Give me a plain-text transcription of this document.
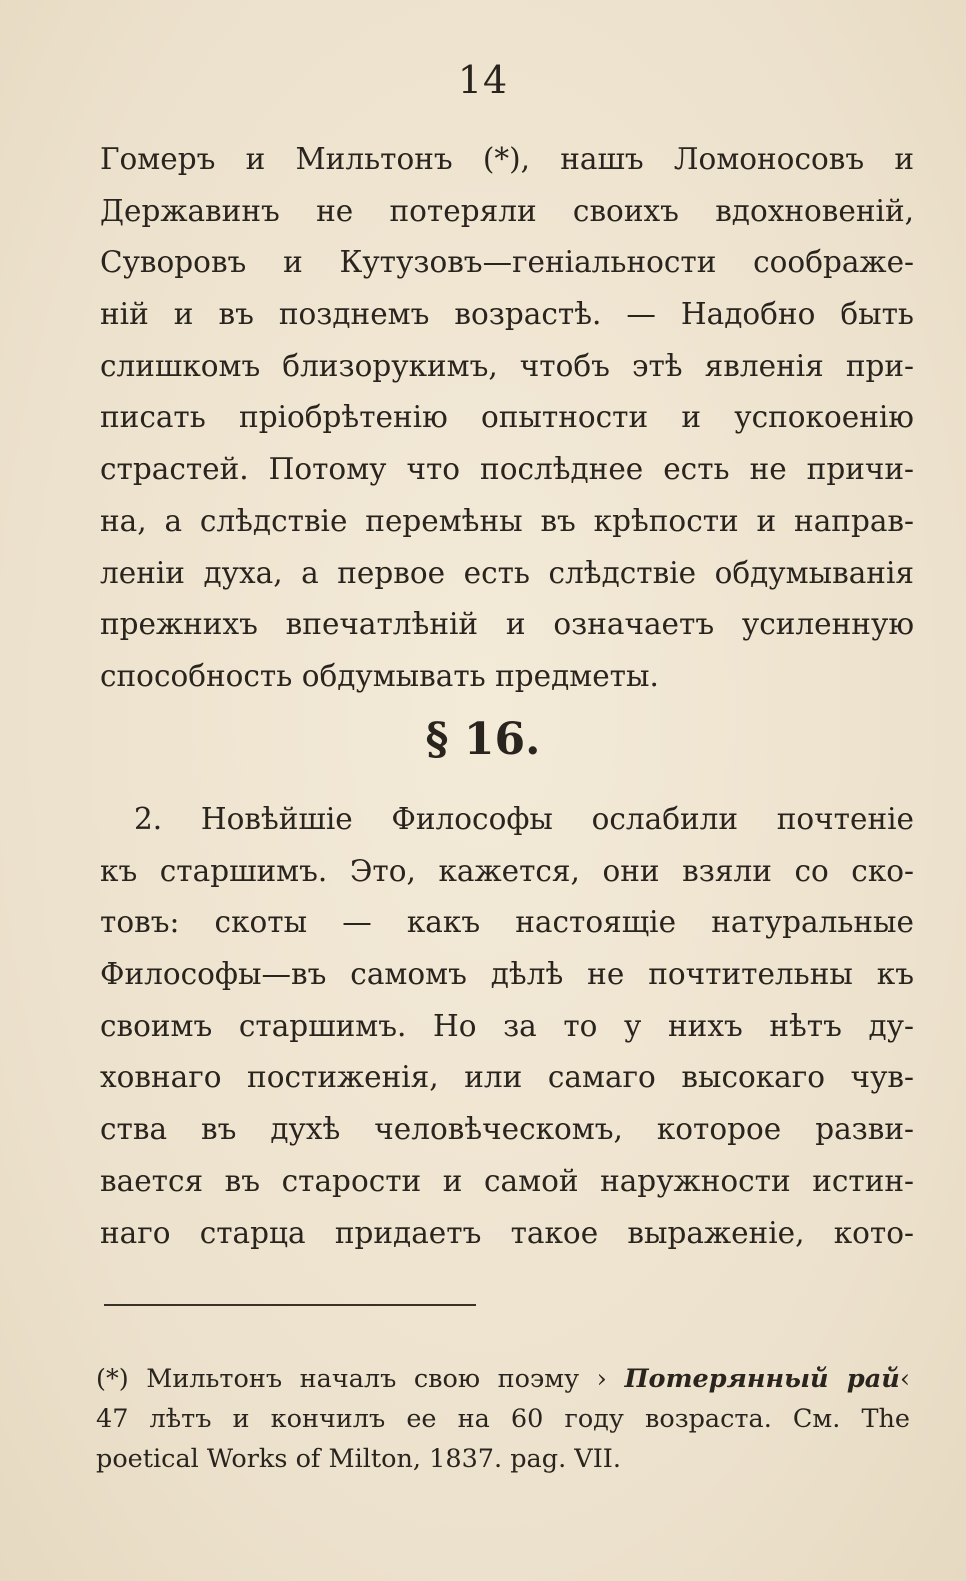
14
Гомеръ и Мильтонъ (*), нашъ Ломоносовъ и
Державинъ не потеряли своихъ вдохновеній,
Суворовъ и Кутузовъ—геніальности соображе-
ній и въ позднемъ возрастѣ. — Надобно быть
слишкомъ близорукимъ, чтобъ этѣ явленія при-
писать пріобрѣтенію опытности и успокоенію
страстей. Потому что послѣднее есть не причи-
на, а слѣдствіе перемѣны въ крѣпости и направ-
леніи духа, а первое есть слѣдствіе обдумыванія
прежнихъ впечатлѣній и означаетъ усиленную
способность обдумывать предметы.
§ 16.
2. Новѣйшіе Философы ослабили почтеніе
къ старшимъ. Это, кажется, они взяли со ско-
товъ: скоты — какъ настоящіе натуральные
Философы—въ самомъ дѣлѣ не почтительны къ
своимъ старшимъ. Но за то у нихъ нѣтъ ду-
ховнаго постиженія, или самаго высокаго чув-
ства въ духѣ человѣческомъ, которое разви-
вается въ старости и самой наружности истин-
наго старца придаетъ такое выраженіе, кото-
(*) Мильтонъ началъ свою поэму › Потерянный рай‹
47 лѣтъ и кончилъ ее на 60 году возраста. См. The
poetical Works of Milton, 1837. pag. VII.
